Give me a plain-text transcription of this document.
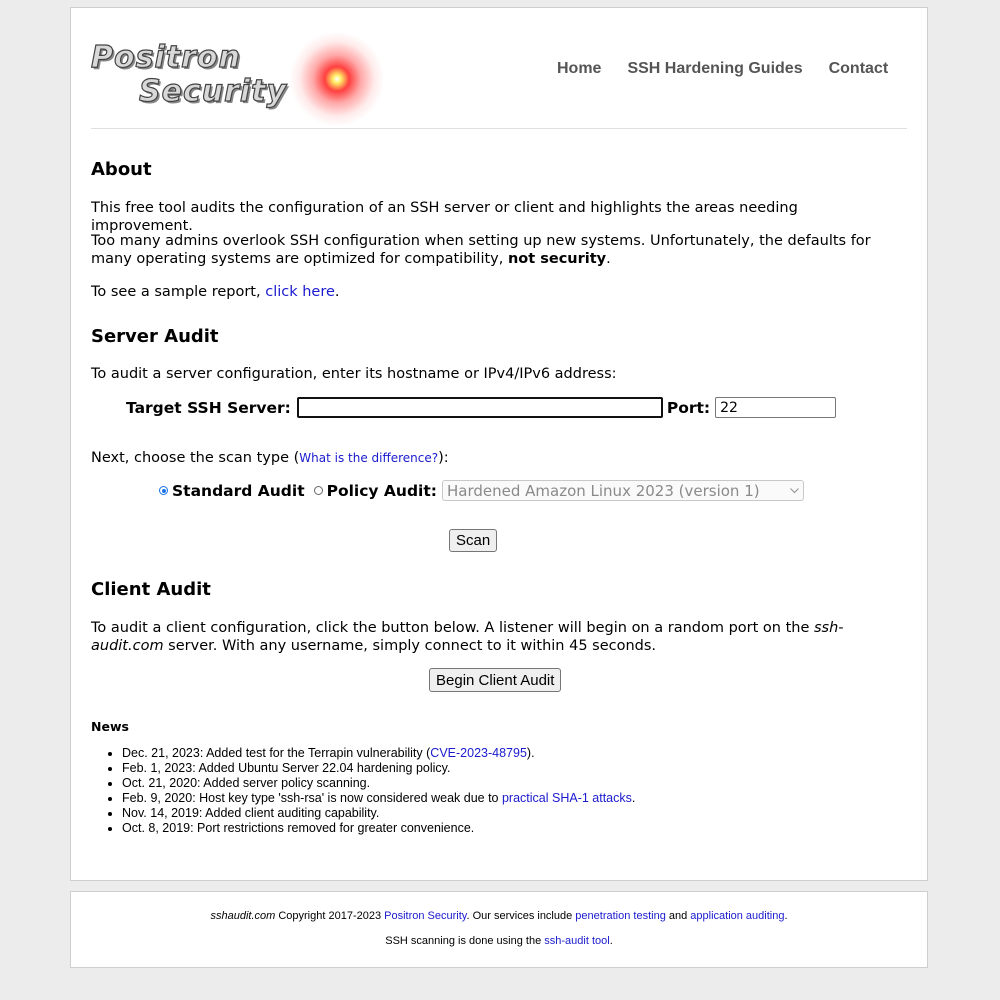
Positron
Security
Home SSH Hardening Guides Contact
About

This free tool audits the configuration of an SSH server or client and highlights the areas needing improvement.

Too many admins overlook SSH configuration when setting up new systems. Unfortunately, the defaults for many operating systems are optimized for compatibility, not security.

To see a sample report, click here.

Server Audit

To audit a server configuration, enter its hostname or IPv4/IPv6 address:

Target SSH Server:	Port:
22

Next, choose the scan type (What is the difference?):

Standard Audit Policy Audit: Hardened Amazon Linux 2023 (version 1)
Scan
Client Audit

To audit a client configuration, click the button below. A listener will begin on a random port on the ssh-audit.com server. With any username, simply connect to it within 45 seconds.

Begin Client Audit

News

• Dec. 21, 2023: Added test for the Terrapin vulnerability (CVE-2023-48795).
• Feb. 1, 2023: Added Ubuntu Server 22.04 hardening policy.
• Oct. 21, 2020: Added server policy scanning.
• Feb. 9, 2020: Host key type 'ssh-rsa' is now considered weak due to practical SHA-1 attacks.
• Nov. 14, 2019: Added client auditing capability.
• Oct. 8, 2019: Port restrictions removed for greater convenience.
sshaudit.com Copyright 2017-2023 Positron Security. Our services include penetration testing and application auditing.
SSH scanning is done using the ssh-audit tool.
